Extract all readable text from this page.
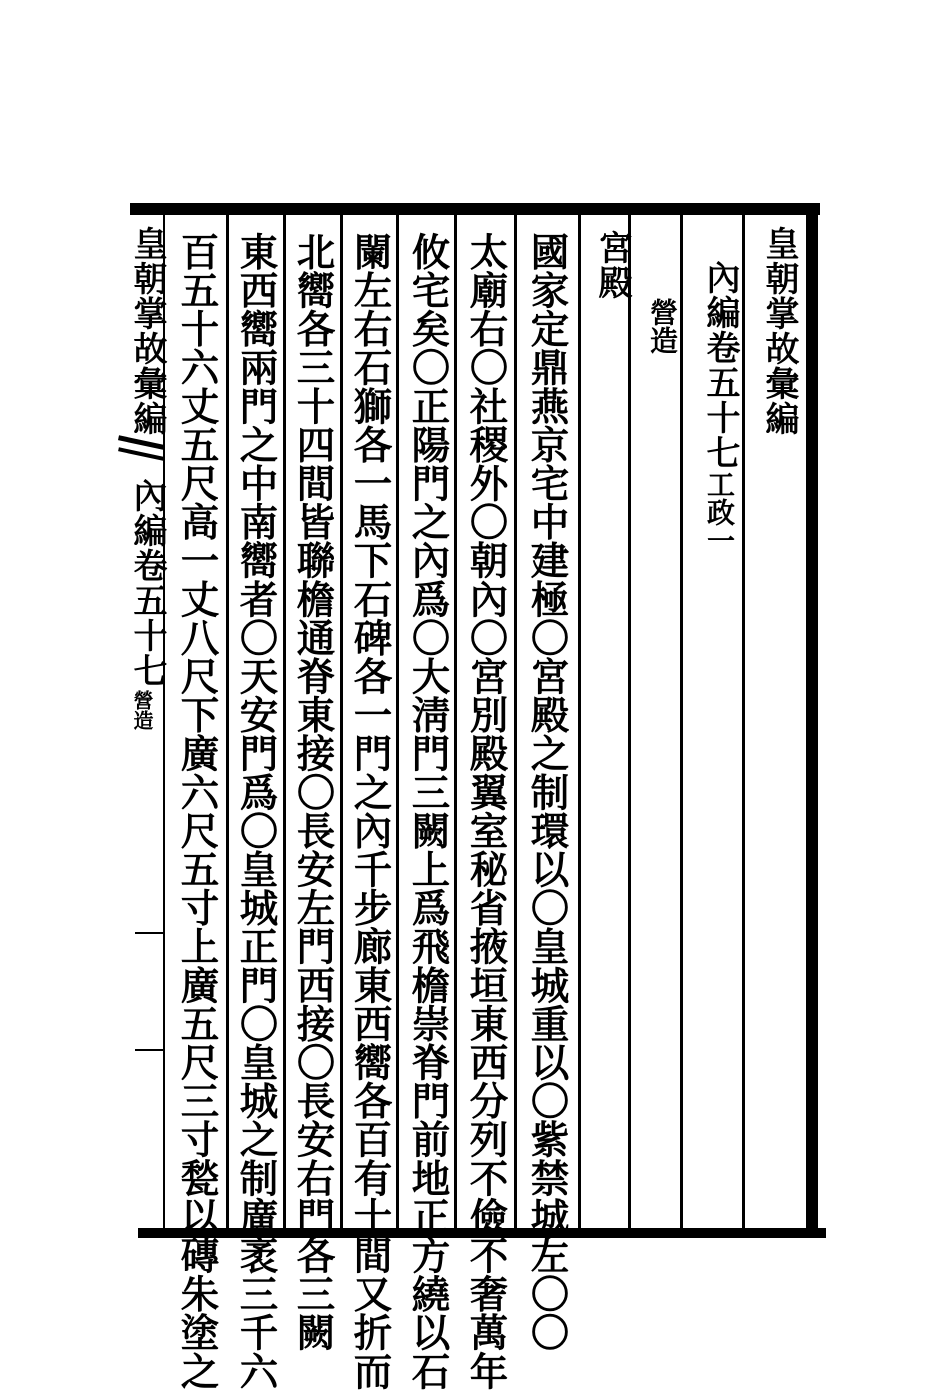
皇朝掌故彙編
內編卷五十七
工政一
營造
宮殿
國家定鼎燕京宅中建極〇宮殿之制環以〇皇城重以〇紫禁城左〇〇
太廟右〇社稷外〇朝內〇宮別殿翼室秘省掖垣東西分列不儉不奢萬年
攸宅矣〇正陽門之內爲〇大淸門三闕上爲飛檐崇脊門前地正方繞以石
闌左右石獅各一馬下石碑各一門之內千步廊東西嚮各百有十間又折而
北嚮各三十四間皆聯檐通脊東接〇長安左門西接〇長安右門各三闕
東西嚮兩門之中南嚮者〇天安門爲〇皇城正門〇皇城之制廣袤三千六
百五十六丈五尺高一丈八尺下廣六尺五寸上廣五尺三寸甃以磚朱塗之
皇朝掌故彙編
內編卷五十七
營造
